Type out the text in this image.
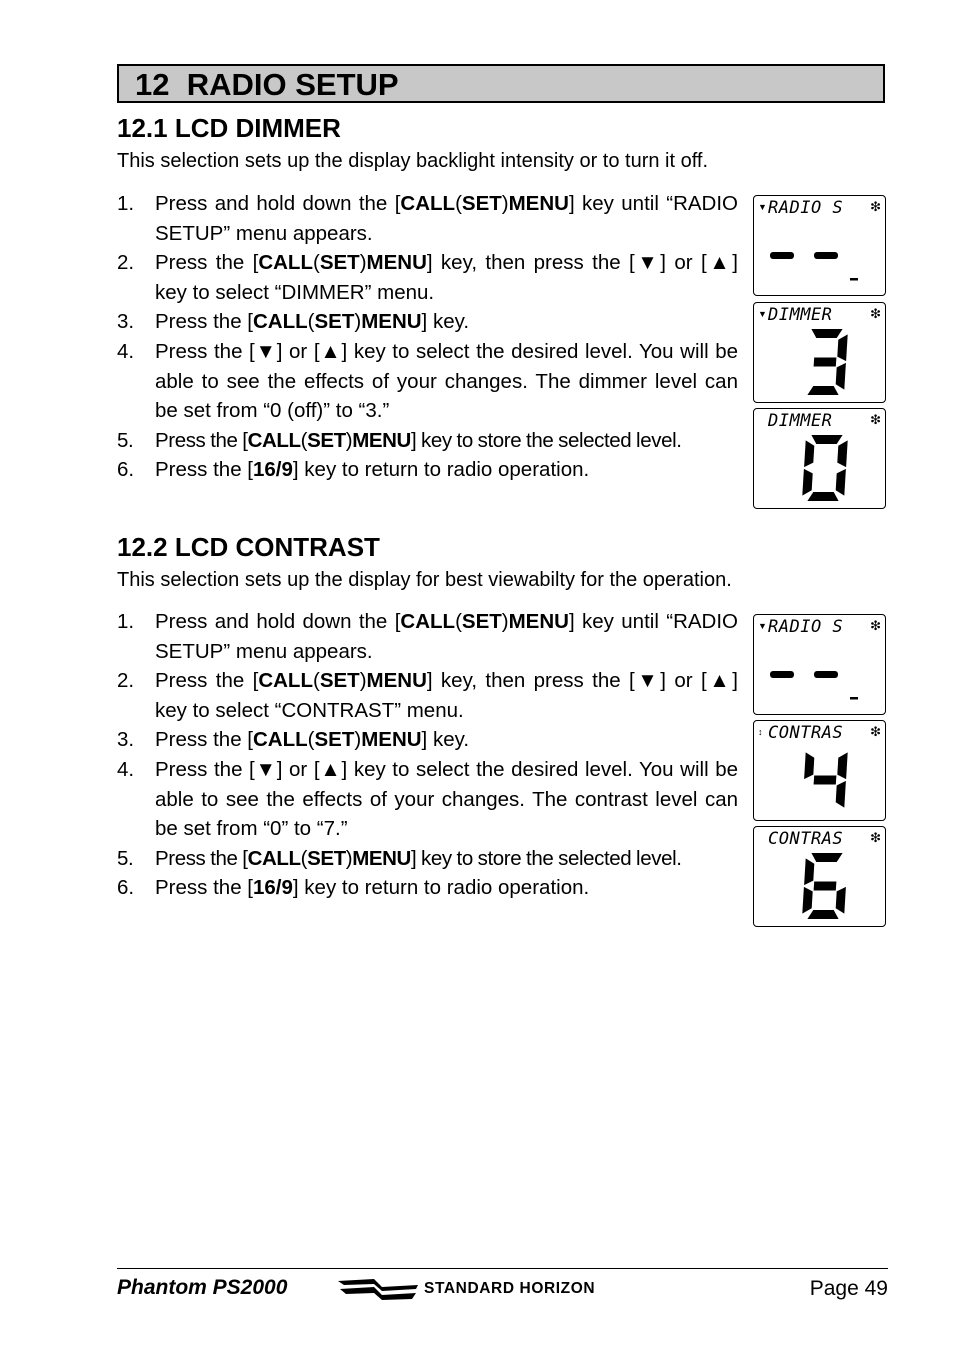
12 RADIO SETUP
12.1 LCD DIMMER
This selection sets up the display backlight intensity or to turn it off.
1. Press and hold down the [CALL(SET)MENU] key until “RADIO SETUP” menu appears.
2. Press the [CALL(SET)MENU] key, then press the [▼] or [▲] key to select “DIMMER” menu.
3. Press the [CALL(SET)MENU] key.
4. Press the [▼] or [▲] key to select the desired level. You will be able to see the effects of your changes. The dimmer level can be set from “0 (off)” to “3.”
5. Press the [CALL(SET)MENU] key to store the selected level.
6. Press the [16/9] key to return to radio operation.
▼ RADIO S ❇
▼ DIMMER	❇
DIMMER	❇
12.2 LCD CONTRAST
This selection sets up the display for best viewabilty for the operation.
1. Press and hold down the [CALL(SET)MENU] key until “RADIO SETUP” menu appears.
2. Press the [CALL(SET)MENU] key, then press the [▼] or [▲] key to select “CONTRAST” menu.
3. Press the [CALL(SET)MENU] key.
4. Press the [▼] or [▲] key to select the desired level. You will be able to see the effects of your changes. The contrast level can be set from “0” to “7.”
5. Press the [CALL(SET)MENU] key to store the selected level.
6. Press the [16/9] key to return to radio operation.
▼ RADIO S ❇
↕ CONTRAS ❇
CONTRAS ❇
Phantom PS2000	STANDARD HORIZON	Page 49
